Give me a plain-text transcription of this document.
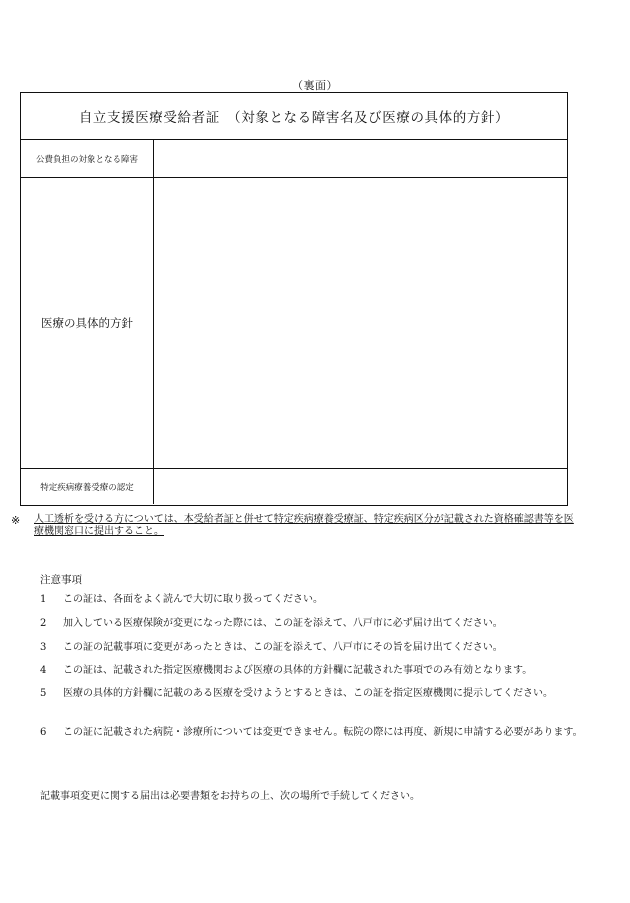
（裏面）
自立支援医療受給者証　（対象となる障害名及び医療の具体的方針）
公費負担の対象となる障害
医療の具体的方針
特定疾病療養受療の認定
※ 人工透析を受ける方については、本受給者証と併せて特定疾病療養受療証、特定疾病区分が記載された資格確認書等を医療機関窓口に提出すること。
注意事項
1	この証は、各面をよく読んで大切に取り扱ってください。
2	加入している医療保険が変更になった際には、この証を添えて、八戸市に必ず届け出てください。
3	この証の記載事項に変更があったときは、この証を添えて、八戸市にその旨を届け出てください。
4	この証は、記載された指定医療機関および医療の具体的方針欄に記載された事項でのみ有効となります。
5	医療の具体的方針欄に記載のある医療を受けようとするときは、この証を指定医療機関に提示してください。
6	この証に記載された病院・診療所については変更できません。転院の際には再度、新規に申請する必要があります。
記載事項変更に関する届出は必要書類をお持ちの上、次の場所で手続してください。
